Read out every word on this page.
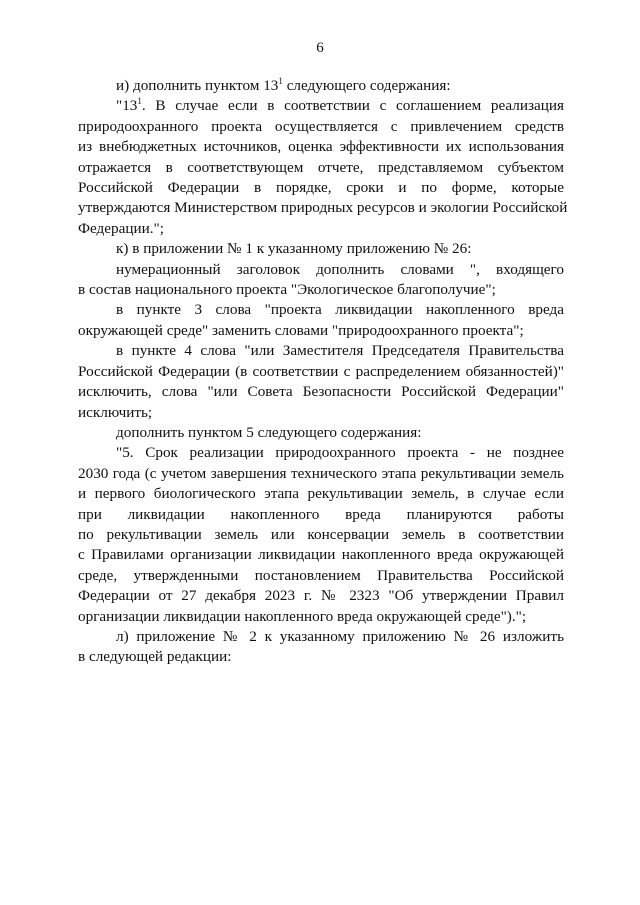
6

и) дополнить пунктом $13^1$ следующего содержания:

"$13^1$. В случае если в соответствии с соглашением реализация
природоохранного проекта осуществляется с привлечением средств
из внебюджетных источников, оценка эффективности их использования
отражается в соответствующем отчете, представляемом субъектом
Российской Федерации в порядке, сроки и по форме, которые
утверждаются Министерством природных ресурсов и экологии Российской
Федерации.";
к) в приложении № 1 к указанному приложению № 26:
нумерационный заголовок дополнить словами ", входящего
в состав национального проекта "Экологическое благополучие";
в пункте 3 слова "проекта ликвидации накопленного вреда
окружающей среде" заменить словами "природоохранного проекта";
в пункте 4 слова "или Заместителя Председателя Правительства
Российской Федерации (в соответствии с распределением обязанностей)"
исключить, слова "или Совета Безопасности Российской Федерации"
исключить;
дополнить пунктом 5 следующего содержания:
"5. Срок реализации природоохранного проекта - не позднее
2030 года (с учетом завершения технического этапа рекультивации земель
и первого биологического этапа рекультивации земель, в случае если
при ликвидации накопленного вреда планируются работы
по рекультивации земель или консервации земель в соответствии
с Правилами организации ликвидации накопленного вреда окружающей
среде, утвержденными постановлением Правительства Российской
Федерации от 27 декабря 2023 г. № 2323 "Об утверждении Правил
организации ликвидации накопленного вреда окружающей среде").";
л) приложение № 2 к указанному приложению № 26 изложить
в следующей редакции:
